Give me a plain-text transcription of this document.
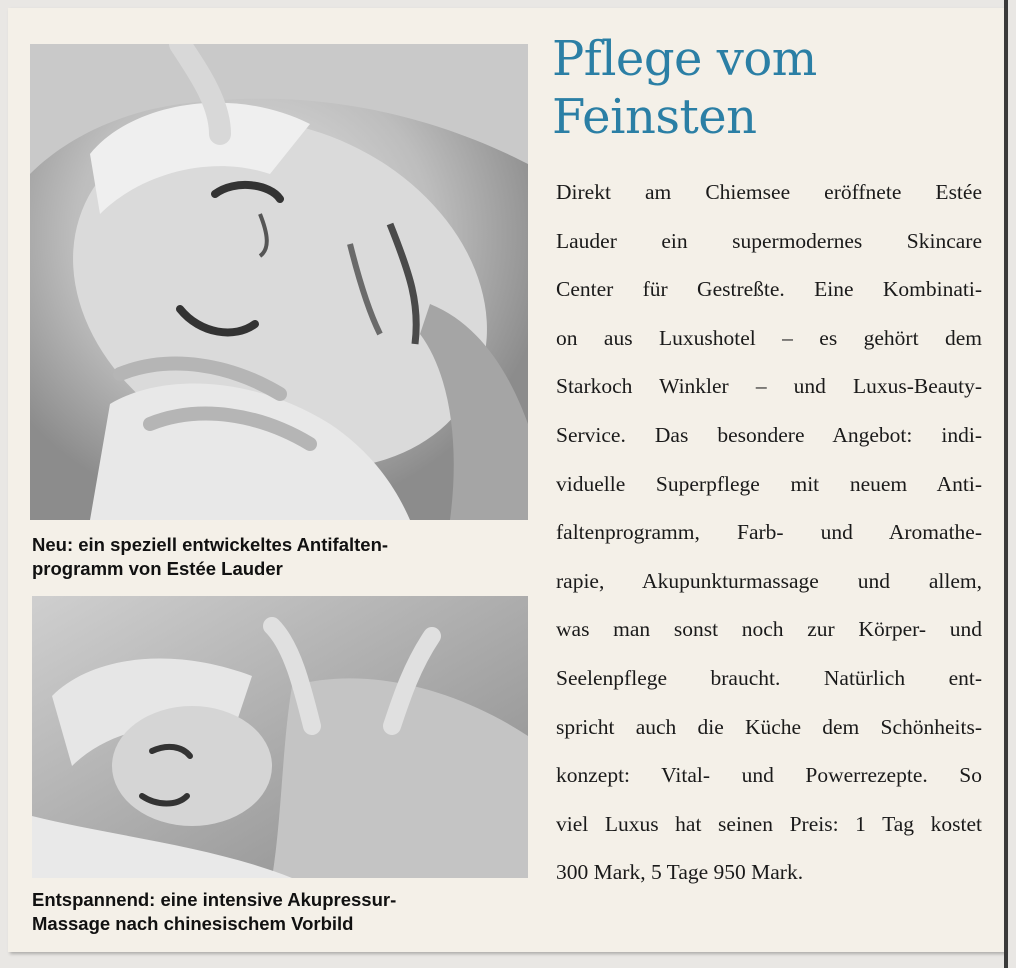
Neu: ein speziell entwickeltes Antifalten-
programm von Estée Lauder
Entspannend: eine intensive Akupressur-
Massage nach chinesischem Vorbild
Pflege vom
Feinsten
Direkt am Chiemsee eröffnete Estée
Lauder ein supermodernes Skincare
Center für Gestreßte. Eine Kombinati-
on aus Luxushotel – es gehört dem
Starkoch Winkler – und Luxus-Beauty-
Service. Das besondere Angebot: indi-
viduelle Superpflege mit neuem Anti-
faltenprogramm, Farb- und Aromathe-
rapie, Akupunkturmassage und allem,
was man sonst noch zur Körper- und
Seelenpflege braucht. Natürlich ent-
spricht auch die Küche dem Schönheits-
konzept: Vital- und Powerrezepte. So
viel Luxus hat seinen Preis: 1 Tag kostet
300 Mark, 5 Tage 950 Mark.
